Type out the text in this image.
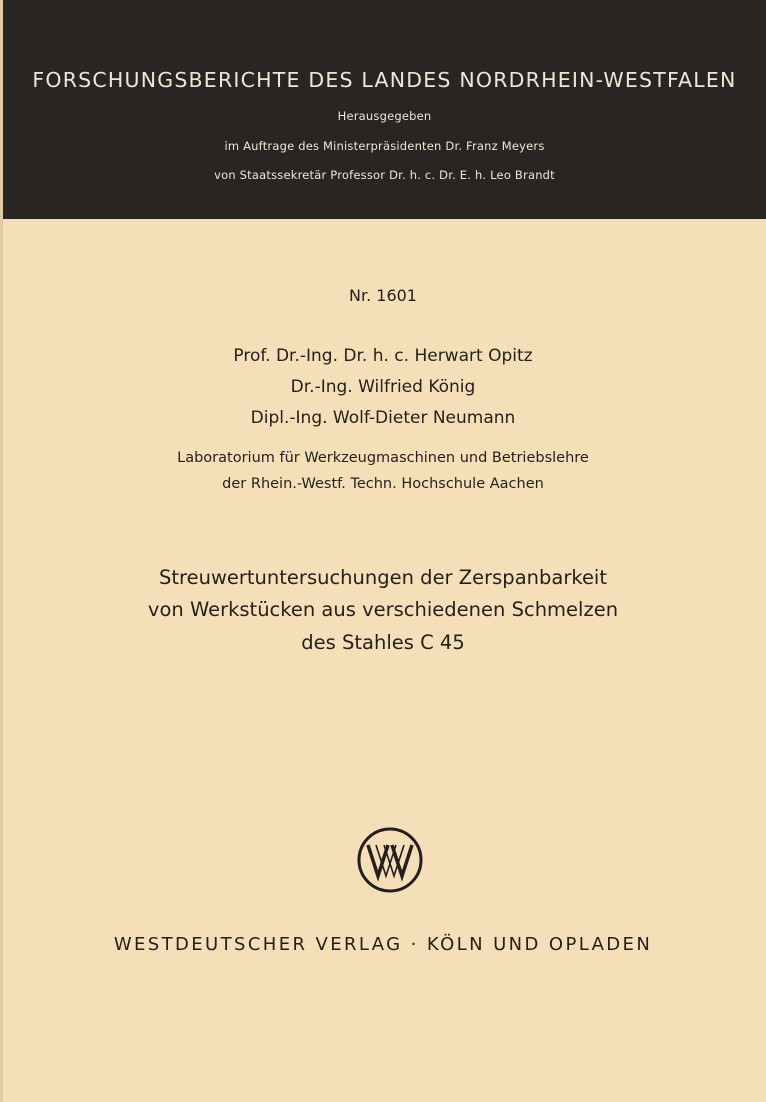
FORSCHUNGSBERICHTE DES LANDES NORDRHEIN-WESTFALEN
Herausgegeben
im Auftrage des Ministerpräsidenten Dr. Franz Meyers
von Staatssekretär Professor Dr. h. c. Dr. E. h. Leo Brandt
Nr. 1601
Prof. Dr.-Ing. Dr. h. c. Herwart Opitz
Dr.-Ing. Wilfried König
Dipl.-Ing. Wolf-Dieter Neumann
Laboratorium für Werkzeugmaschinen und Betriebslehre
der Rhein.-Westf. Techn. Hochschule Aachen
Streuwertuntersuchungen der Zerspanbarkeit
von Werkstücken aus verschiedenen Schmelzen
des Stahles C 45
WESTDEUTSCHER VERLAG · KÖLN UND OPLADEN
